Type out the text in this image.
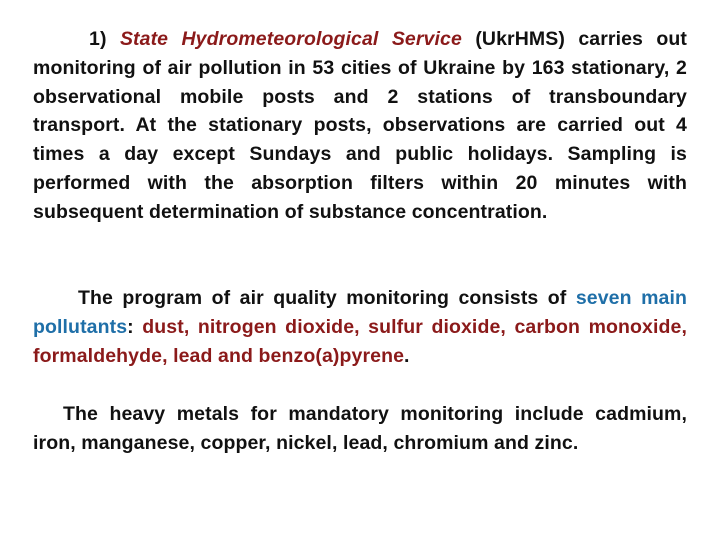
1) State Hydrometeorological Service (UkrHMS) carries out monitoring of air pollution in 53 cities of Ukraine by 163 stationary, 2 observational mobile posts and 2 stations of transboundary transport. At the stationary posts, observations are carried out 4 times a day except Sundays and public holidays. Sampling is performed with the absorption filters within 20 minutes with subsequent determination of substance concentration.

The program of air quality monitoring consists of seven main pollutants: dust, nitrogen dioxide, sulfur dioxide, carbon monoxide, formaldehyde, lead and benzo(a)pyrene.

The heavy metals for mandatory monitoring include cadmium, iron, manganese, copper, nickel, lead, chromium and zinc.
